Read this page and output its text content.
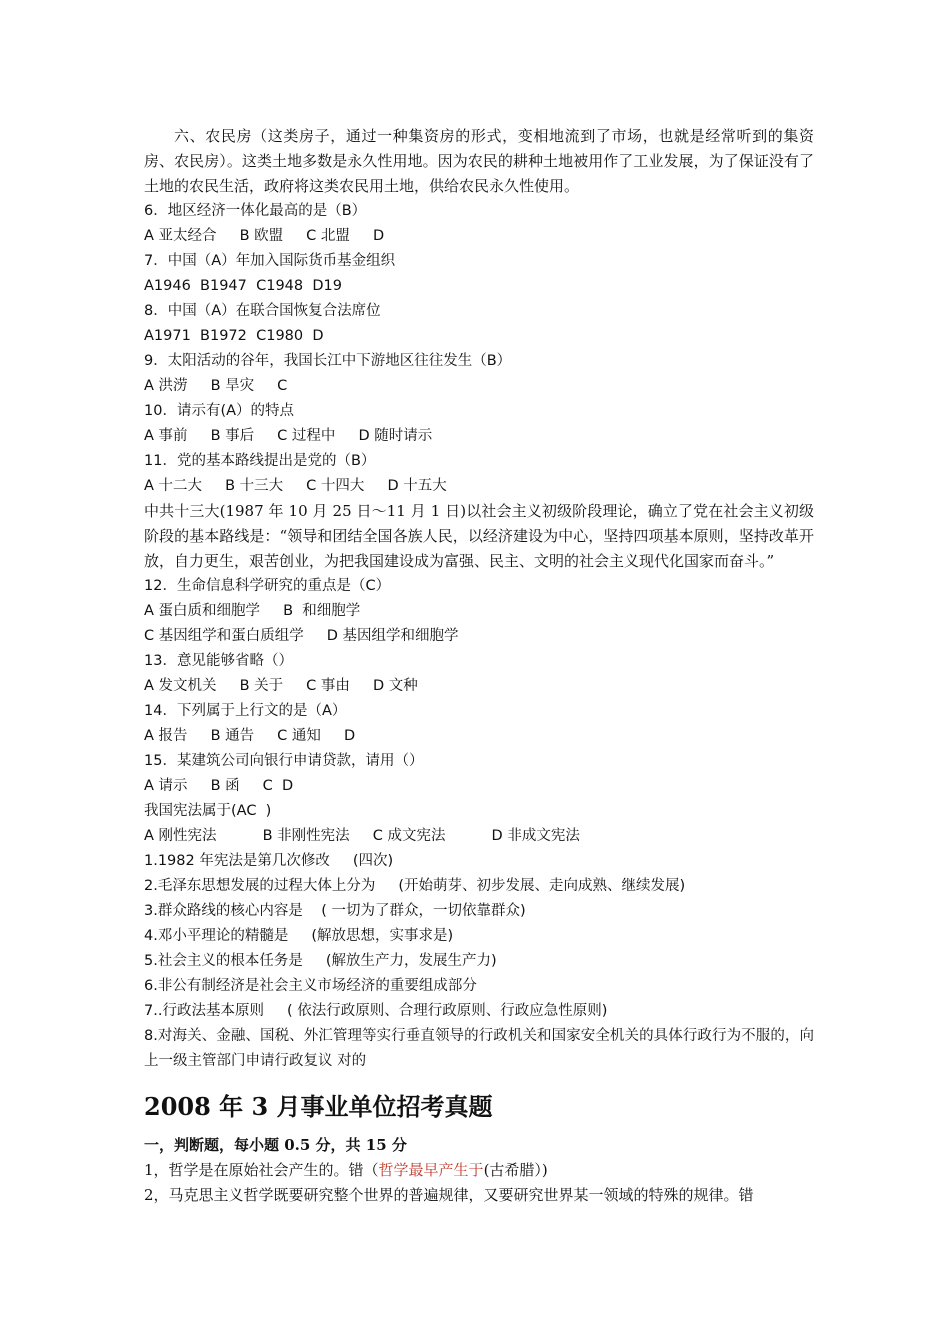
六、农民房（这类房子，通过一种集资房的形式，变相地流到了市场，也就是经常听到的集资房、农民房）。这类土地多数是永久性用地。因为农民的耕种土地被用作了工业发展，为了保证没有了土地的农民生活，政府将这类农民用土地，供给农民永久性使用。

6．地区经济一体化最高的是（B）
A 亚太经合     B 欧盟     C 北盟     D
7．中国（A）年加入国际货币基金组织
A1946  B1947  C1948  D19
8．中国（A）在联合国恢复合法席位
A1971  B1972  C1980  D
9．太阳活动的谷年，我国长江中下游地区往往发生（B）
A 洪涝     B 旱灾     C
10．请示有(A）的特点
A 事前     B 事后     C 过程中     D 随时请示
11．党的基本路线提出是党的（B）
A 十二大     B 十三大     C 十四大     D 十五大

中共十三大(1987 年 10 月 25 日～11 月 1 日)以社会主义初级阶段理论，确立了党在社会主义初级阶段的基本路线是：“领导和团结全国各族人民，以经济建设为中心，坚持四项基本原则，坚持改革开放，自力更生，艰苦创业，为把我国建设成为富强、民主、文明的社会主义现代化国家而奋斗。”

12．生命信息科学研究的重点是（C）
A 蛋白质和细胞学     B  和细胞学
C 基因组学和蛋白质组学     D 基因组学和细胞学
13．意见能够省略（）
A 发文机关     B 关于     C 事由     D 文种
14．下列属于上行文的是（A）
A 报告     B 通告     C 通知     D
15．某建筑公司向银行申请贷款，请用（）
A 请示     B 函     C  D
我国宪法属于(AC  )
A 刚性宪法          B 非刚性宪法     C 成文宪法          D 非成文宪法
1.1982 年宪法是第几次修改     (四次)
2.毛泽东思想发展的过程大体上分为     (开始萌芽、初步发展、走向成熟、继续发展)
3.群众路线的核心内容是    ( 一切为了群众，一切依靠群众)
4.邓小平理论的精髓是     (解放思想，实事求是)
5.社会主义的根本任务是     (解放生产力，发展生产力)
6.非公有制经济是社会主义市场经济的重要组成部分
7..行政法基本原则     ( 依法行政原则、合理行政原则、行政应急性原则)

8.对海关、金融、国税、外汇管理等实行垂直领导的行政机关和国家安全机关的具体行政行为不服的，向上一级主管部门申请行政复议 对的

2008 年 3 月事业单位招考真题
一，判断题，每小题 0.5 分，共 15 分
1，哲学是在原始社会产生的。错（哲学最早产生于(古希腊）)

2，马克思主义哲学既要研究整个世界的普遍规律，又要研究世界某一领域的特殊的规律。错
